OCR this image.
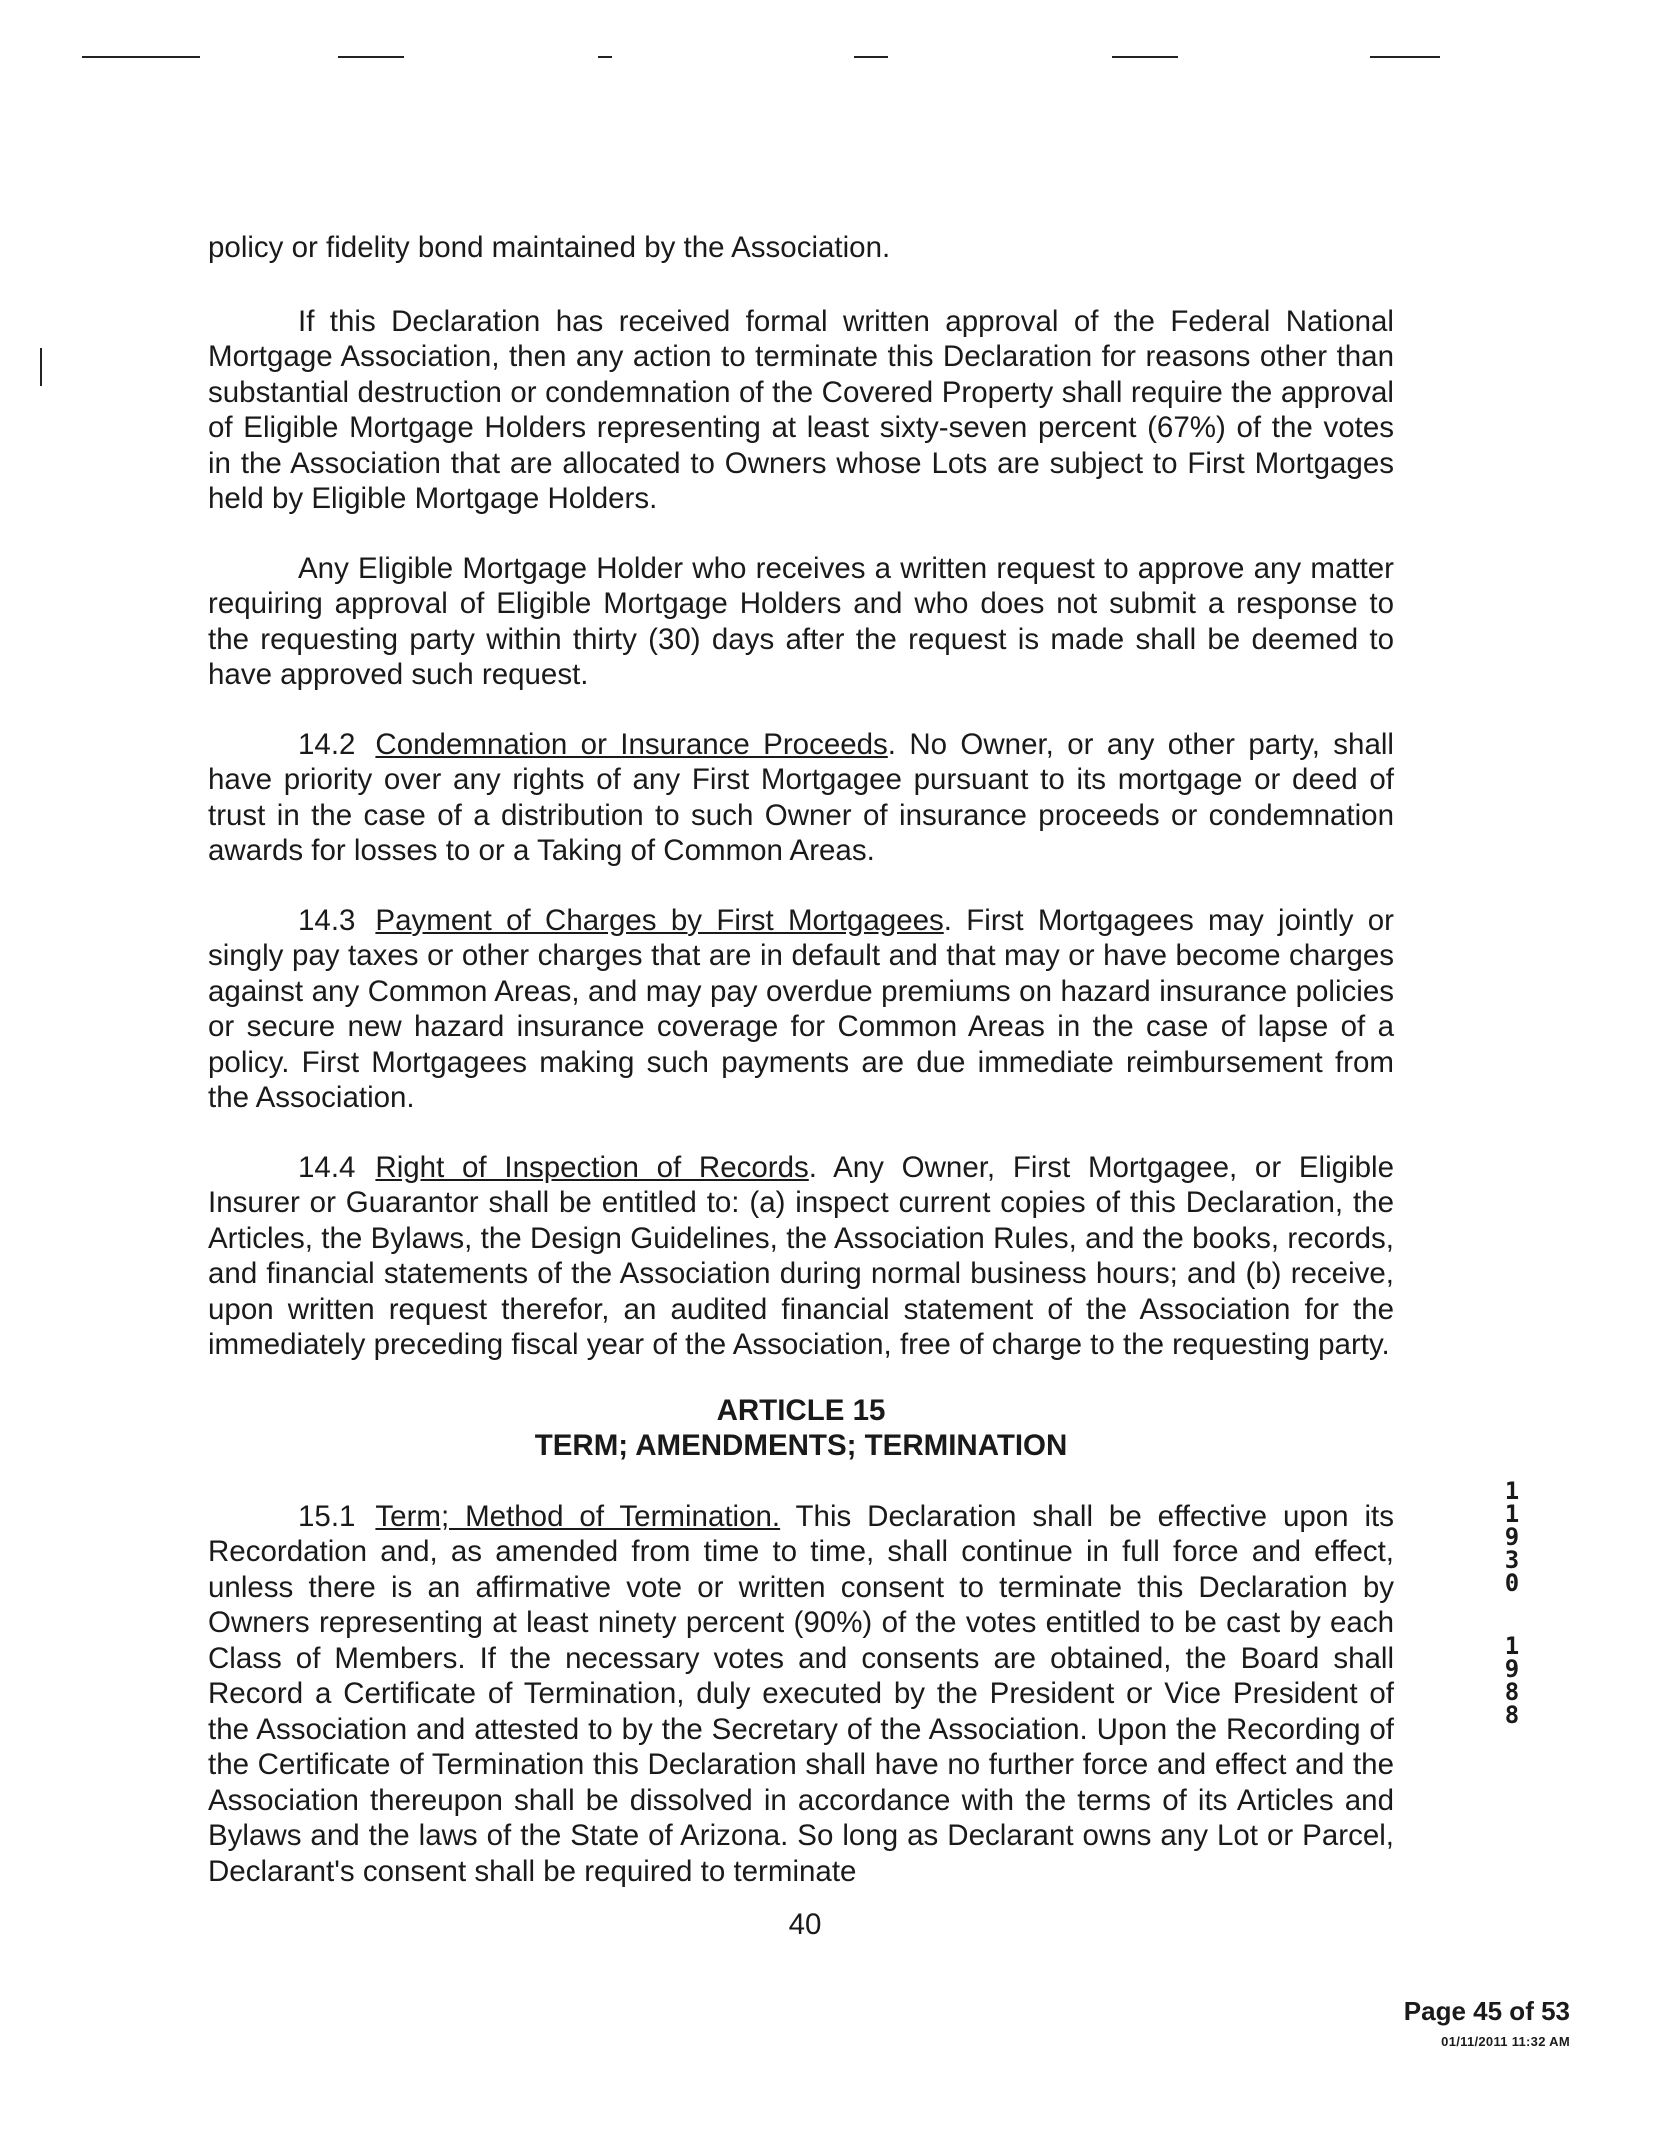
policy or fidelity bond maintained by the Association.

If this Declaration has received formal written approval of the Federal National Mortgage Association, then any action to terminate this Declaration for reasons other than substantial destruction or condemnation of the Covered Property shall require the approval of Eligible Mortgage Holders representing at least sixty-seven percent (67%) of the votes in the Association that are allocated to Owners whose Lots are subject to First Mortgages held by Eligible Mortgage Holders.

Any Eligible Mortgage Holder who receives a written request to approve any matter requiring approval of Eligible Mortgage Holders and who does not submit a response to the requesting party within thirty (30) days after the request is made shall be deemed to have approved such request.

14.2 Condemnation or Insurance Proceeds. No Owner, or any other party, shall have priority over any rights of any First Mortgagee pursuant to its mortgage or deed of trust in the case of a distribution to such Owner of insurance proceeds or condemnation awards for losses to or a Taking of Common Areas.

14.3 Payment of Charges by First Mortgagees. First Mortgagees may jointly or singly pay taxes or other charges that are in default and that may or have become charges against any Common Areas, and may pay overdue premiums on hazard insurance policies or secure new hazard insurance coverage for Common Areas in the case of lapse of a policy. First Mortgagees making such payments are due immediate reimbursement from the Association.

14.4 Right of Inspection of Records. Any Owner, First Mortgagee, or Eligible Insurer or Guarantor shall be entitled to: (a) inspect current copies of this Declaration, the Articles, the Bylaws, the Design Guidelines, the Association Rules, and the books, records, and financial statements of the Association during normal business hours; and (b) receive, upon written request therefor, an audited financial statement of the Association for the immediately preceding fiscal year of the Association, free of charge to the requesting party.

ARTICLE 15
TERM; AMENDMENTS; TERMINATION

15.1 Term; Method of Termination. This Declaration shall be effective upon its Recordation and, as amended from time to time, shall continue in full force and effect, unless there is an affirmative vote or written consent to terminate this Declaration by Owners representing at least ninety percent (90%) of the votes entitled to be cast by each Class of Members. If the necessary votes and consents are obtained, the Board shall Record a Certificate of Termination, duly executed by the President or Vice President of the Association and attested to by the Secretary of the Association. Upon the Recording of the Certificate of Termination this Declaration shall have no further force and effect and the Association thereupon shall be dissolved in accordance with the terms of its Articles and Bylaws and the laws of the State of Arizona. So long as Declarant owns any Lot or Parcel, Declarant's consent shall be required to terminate

40
1
1
9
3
0
1
9
8
8
Page 45 of 53
01/11/2011 11:32 AM
